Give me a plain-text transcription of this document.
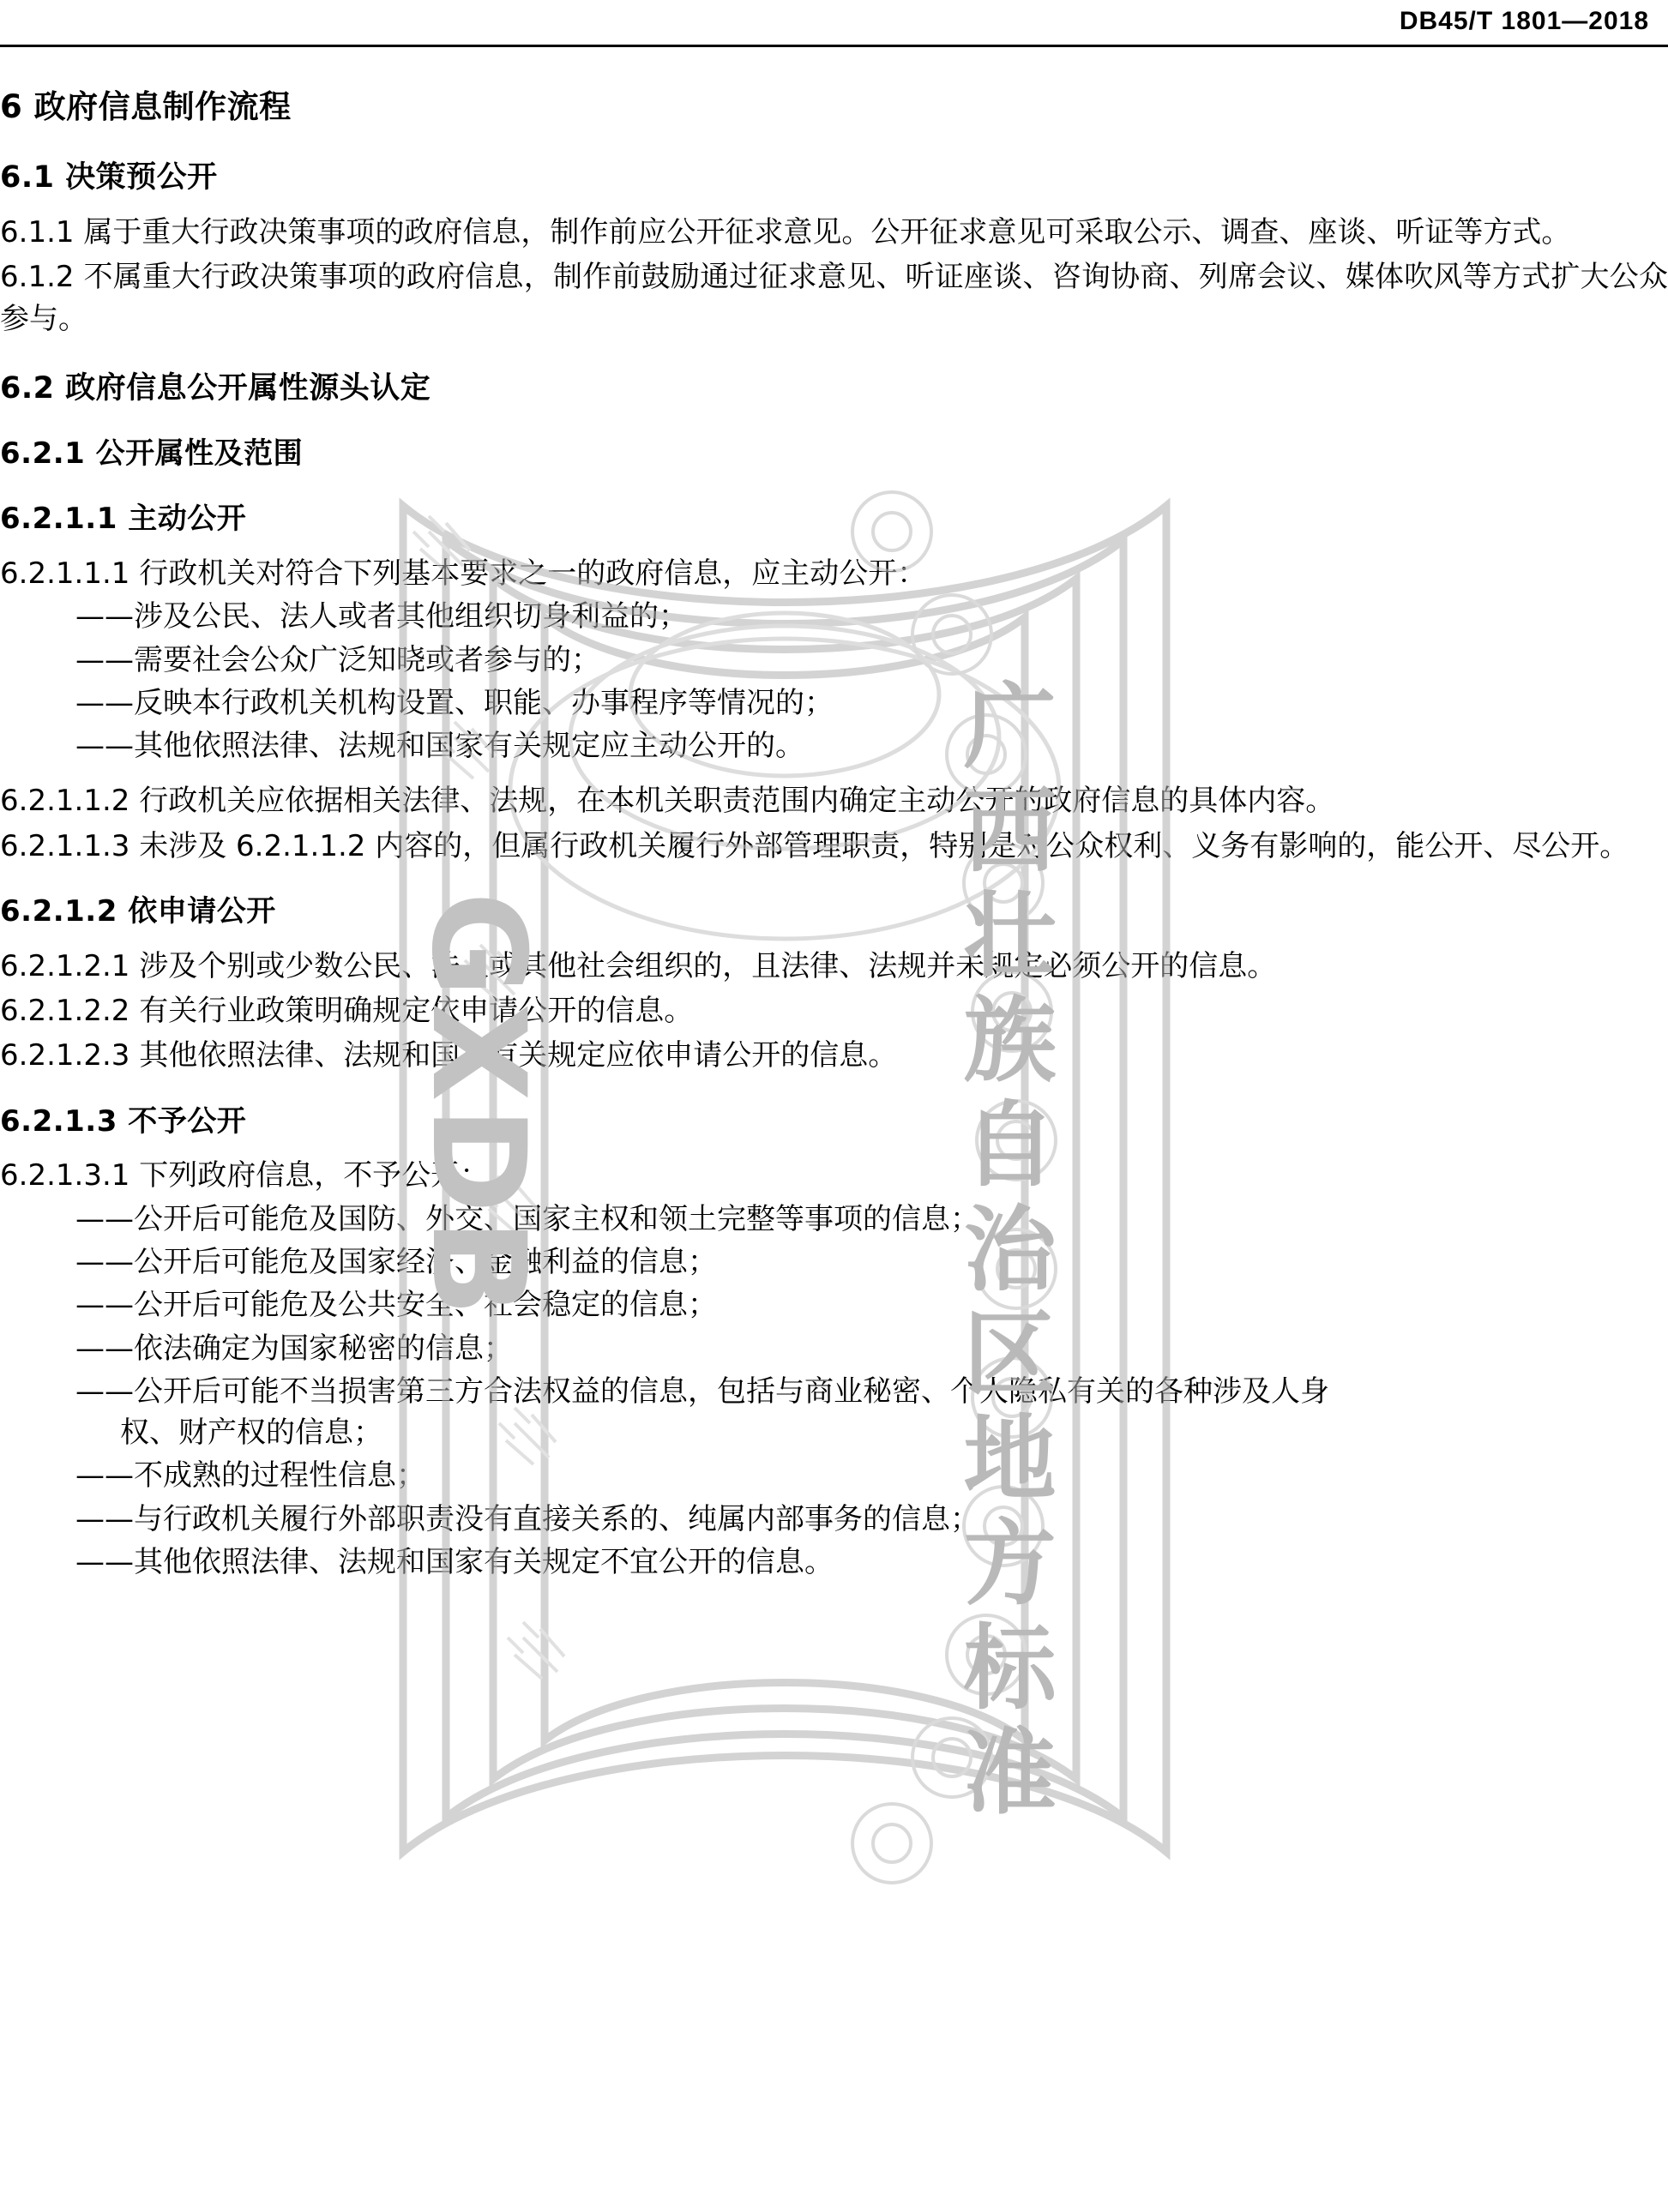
DB45/T 1801—2018
广西壮族自治区地方标准
GXDB
6 政府信息制作流程
6.1 决策预公开
6.1.1 属于重大行政决策事项的政府信息，制作前应公开征求意见。公开征求意见可采取公示、调查、座谈、听证等方式。
6.1.2 不属重大行政决策事项的政府信息，制作前鼓励通过征求意见、听证座谈、咨询协商、列席会议、媒体吹风等方式扩大公众参与。
6.2 政府信息公开属性源头认定
6.2.1 公开属性及范围
6.2.1.1 主动公开
6.2.1.1.1 行政机关对符合下列基本要求之一的政府信息，应主动公开：
——涉及公民、法人或者其他组织切身利益的；
——需要社会公众广泛知晓或者参与的；
——反映本行政机关机构设置、职能、办事程序等情况的；
——其他依照法律、法规和国家有关规定应主动公开的。
6.2.1.1.2 行政机关应依据相关法律、法规，在本机关职责范围内确定主动公开的政府信息的具体内容。
6.2.1.1.3 未涉及 6.2.1.1.2 内容的，但属行政机关履行外部管理职责，特别是对公众权利、义务有影响的，能公开、尽公开。
6.2.1.2 依申请公开
6.2.1.2.1 涉及个别或少数公民、法人或其他社会组织的，且法律、法规并未规定必须公开的信息。
6.2.1.2.2 有关行业政策明确规定依申请公开的信息。
6.2.1.2.3 其他依照法律、法规和国家有关规定应依申请公开的信息。
6.2.1.3 不予公开
6.2.1.3.1 下列政府信息，不予公开：
——公开后可能危及国防、外交、国家主权和领土完整等事项的信息；
——公开后可能危及国家经济、金融利益的信息；
——公开后可能危及公共安全、社会稳定的信息；
——依法确定为国家秘密的信息；
——公开后可能不当损害第三方合法权益的信息，包括与商业秘密、个人隐私有关的各种涉及人身
权、财产权的信息；
——不成熟的过程性信息；
——与行政机关履行外部职责没有直接关系的、纯属内部事务的信息；
——其他依照法律、法规和国家有关规定不宜公开的信息。
